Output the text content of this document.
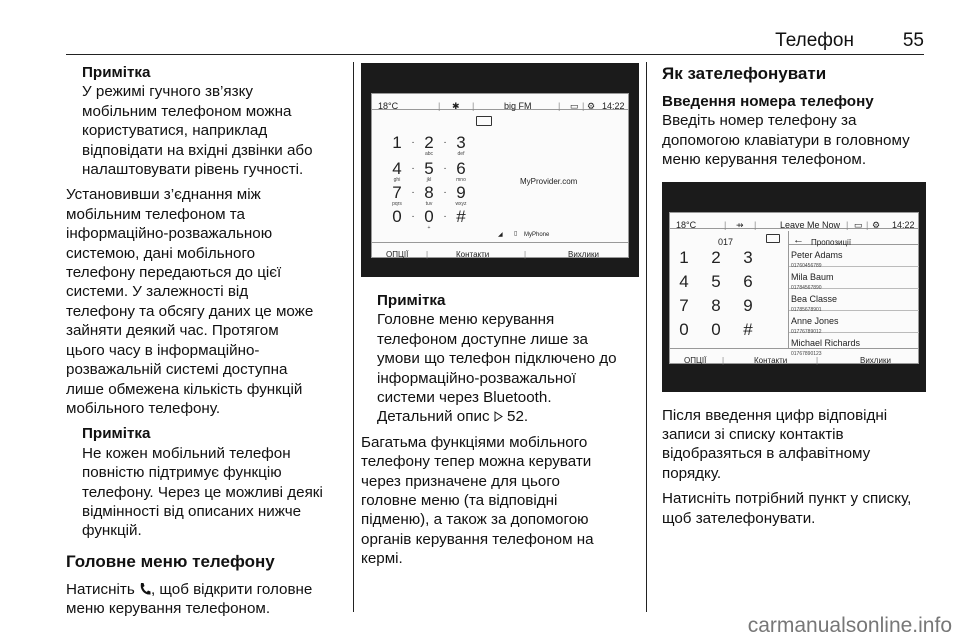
Телефон	55
Примітка
У режимі гучного зв’язку
мобільним телефоном можна
користуватися, наприклад
відповідати на вхідні дзвінки або
налаштовувати рівень гучності.

Установивши з’єднання між
мобільним телефоном та
інформаційно-розважальною
системою, дані мобільного
телефону передаються до цієї
системи. У залежності від
телефону та обсягу даних це може
зайняти деякий час. Протягом
цього часу в інформаційно-
розважальній системі доступна
лише обмежена кількість функцій
мобільного телефону.

Примітка
Не кожен мобільний телефон
повністю підтримує функцію
телефону. Через це можливі деякі
відмінності від описаних нижче
функцій.
Головне меню телефону

Натисніть , щоб відкрити головне
меню керування телефоном.

18°C	| ✱ |	big FM	| ▭ | ⚙ 14:22
1 2 3
abc	def
4 5 6
ghi	jkl	mno
7 8 9
pqrs	tuv	wxyz
0 0 #
+
·	·
·	·
·	·
·	·
MyProvider.com
◢ ▯ MyPhone
ОПЦІЇ |	Контакти	|	Вихлики
Примітка
Головне меню керування
телефоном доступне лише за
умови що телефон підключено до
інформаційно-розважальної
системи через Bluetooth.
Детальний опис 52.

Багатьма функціями мобільного
телефону тепер можна керувати
через призначене для цього
головне меню (та відповідні
підменю), а також за допомогою
органів керування телефоном на
кермі.

Як зателефонувати
Введення номера телефону

Введіть номер телефону за
допомогою клавіатури в головному
меню керування телефоном.

18°C	| ⇸ |	Leave Me Now | ▭ | ⚙ 14:22
017
1 2 3
4 5 6
7 8 9
0 0 #
← Пропозиції
Peter Adams
01760456789
Mila Baum
01784567890
Bea Classe
01785678901
Anne Jones
01776789012
Michael Richards
01767890123
ОПЦІЇ |	Контакти	|	Вихлики

Після введення цифр відповідні
записи зі списку контактів
відобразяться в алфавітному
порядку.

Натисніть потрібний пункт у списку,
щоб зателефонувати.

carmanualsonline.info
